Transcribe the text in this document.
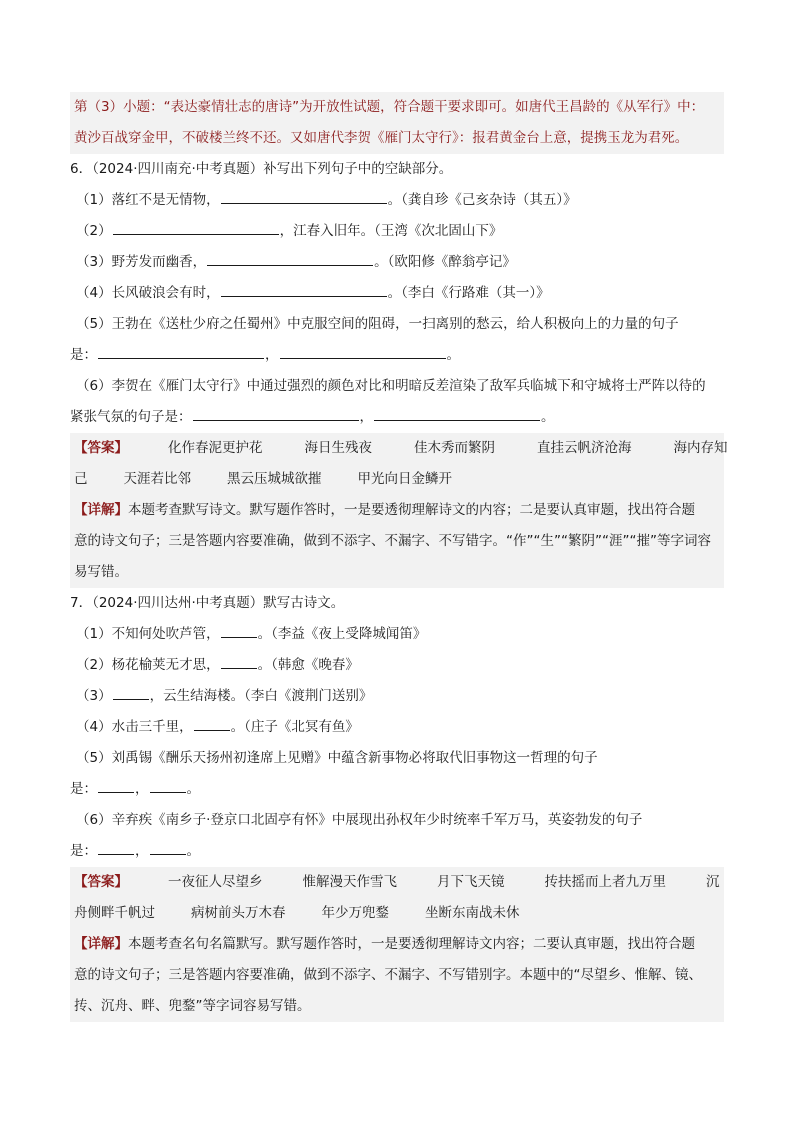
第（3）小题：“表达豪情壮志的唐诗”为开放性试题，符合题干要求即可。如唐代王昌龄的《从军行》中：
黄沙百战穿金甲，不破楼兰终不还。又如唐代李贺《雁门太守行》：报君黄金台上意，提携玉龙为君死。
6．（2024·四川南充·中考真题）补写出下列句子中的空缺部分。
（1）落红不是无情物，	。（龚自珍《己亥杂诗（其五）》
（2）	，江春入旧年。（王湾《次北固山下》
（3）野芳发而幽香，	。（欧阳修《醉翁亭记》
（4）长风破浪会有时，	。（李白《行路难（其一）》
（5）王勃在《送杜少府之任蜀州》中克服空间的阻碍，一扫离别的愁云，给人积极向上的力量的句子
是：	，	。
（6）李贺在《雁门太守行》中通过强烈的颜色对比和明暗反差渲染了敌军兵临城下和守城将士严阵以待的
紧张气氛的句子是：	，	。
【答案】	化作春泥更护花	海日生残夜	佳木秀而繁阴	直挂云帆济沧海	海内存知
己	天涯若比邻	黑云压城城欲摧	甲光向日金鳞开
【详解】本题考查默写诗文。默写题作答时，一是要透彻理解诗文的内容；二是要认真审题，找出符合题
意的诗文句子；三是答题内容要准确，做到不添字、不漏字、不写错字。“作”“生”“繁阴”“涯”“摧”等字词容
易写错。
7．（2024·四川达州·中考真题）默写古诗文。
（1）不知何处吹芦管，	。（李益《夜上受降城闻笛》
（2）杨花榆荚无才思，	。（韩愈《晚春》
（3）	，云生结海楼。（李白《渡荆门送别》
（4）水击三千里，	。（庄子《北冥有鱼》
（5）刘禹锡《酬乐天扬州初逢席上见赠》中蕴含新事物必将取代旧事物这一哲理的句子
是：	，	。
（6）辛弃疾《南乡子·登京口北固亭有怀》中展现出孙权年少时统率千军万马，英姿勃发的句子
是：	，	。
【答案】	一夜征人尽望乡	惟解漫天作雪飞	月下飞天镜	抟扶摇而上者九万里	沉
舟侧畔千帆过	病树前头万木春	年少万兜鍪	坐断东南战未休
【详解】本题考查名句名篇默写。默写题作答时，一是要透彻理解诗文内容；二要认真审题，找出符合题
意的诗文句子；三是答题内容要准确，做到不添字、不漏字、不写错别字。本题中的“尽望乡、惟解、镜、
抟、沉舟、畔、兜鍪”等字词容易写错。
